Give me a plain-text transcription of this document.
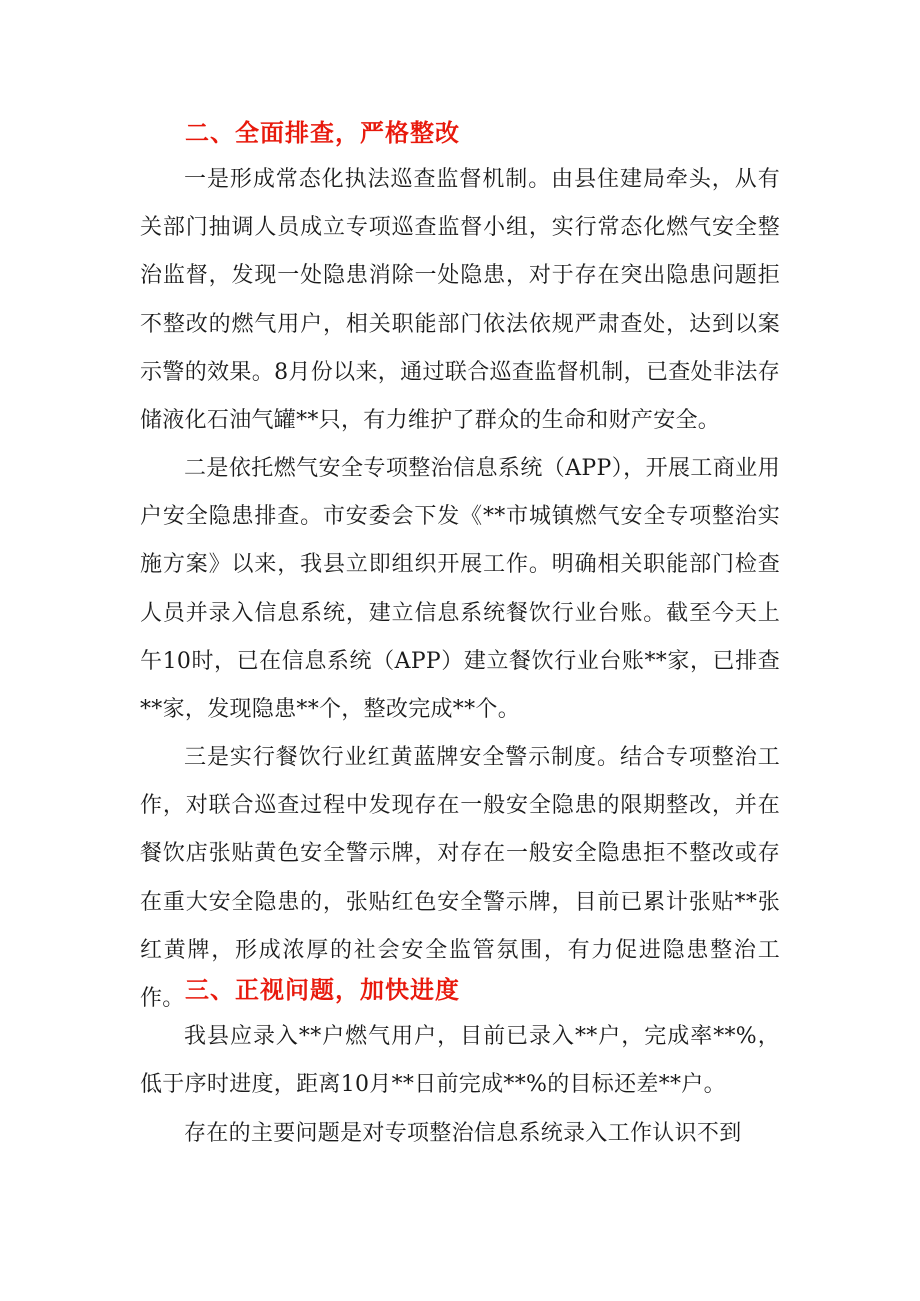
二、全面排查，严格整改

一是形成常态化执法巡查监督机制。由县住建局牵头，从有关部门抽调人员成立专项巡查监督小组，实行常态化燃气安全整治监督，发现一处隐患消除一处隐患，对于存在突出隐患问题拒不整改的燃气用户，相关职能部门依法依规严肃查处，达到以案示警的效果。8月份以来，通过联合巡查监督机制，已查处非法存储液化石油气罐**只，有力维护了群众的生命和财产安全。

二是依托燃气安全专项整治信息系统（APP），开展工商业用户安全隐患排查。市安委会下发《**市城镇燃气安全专项整治实施方案》以来，我县立即组织开展工作。明确相关职能部门检查人员并录入信息系统，建立信息系统餐饮行业台账。截至今天上午10时，已在信息系统（APP）建立餐饮行业台账**家，已排查**家，发现隐患**个，整改完成**个。

三是实行餐饮行业红黄蓝牌安全警示制度。结合专项整治工作，对联合巡查过程中发现存在一般安全隐患的限期整改，并在餐饮店张贴黄色安全警示牌，对存在一般安全隐患拒不整改或存在重大安全隐患的，张贴红色安全警示牌，目前已累计张贴**张红黄牌，形成浓厚的社会安全监管氛围，有力促进隐患整治工作。 三、正视问题，加快进度

我县应录入**户燃气用户，目前已录入**户，完成率**%，低于序时进度，距离10月**日前完成**%的目标还差**户。

存在的主要问题是对专项整治信息系统录入工作认识不到
